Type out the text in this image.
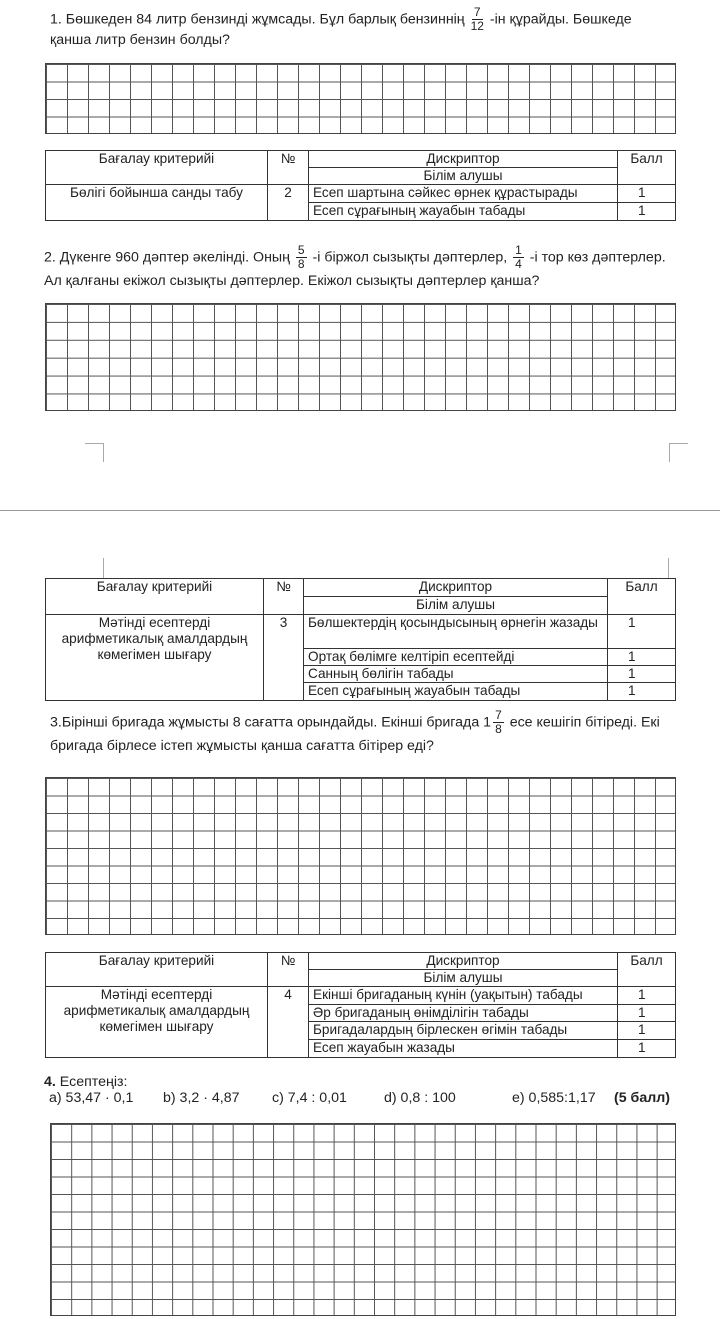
1. Бөшкеден 84 литр бензинді жұмсады. Бұл барлық бензиннің $\frac{7}{12} -ін$ құрайды. Бөшкеде
қанша литр бензин болды?
Бағалау критерийі	№	Дискриптор	Балл
		Білім алушы	
Бөлігі бойынша санды табу	2	Есеп шартына сәйкес өрнек құрастырады	1
		Есеп сұрағының жауабын табады	1
2. Дүкенге 960 дәптер әкелінді. Оның $\frac{5}{8} -і$ біржол сызықты дәптерлер, $\frac{1}{4} -і$ тор көз дәптерлер.
Ал қалғаны екіжол сызықты дәптерлер. Екіжол сызықты дәптерлер қанша?
Бағалау критерийі	№	Дискриптор	Балл
		Білім алушы	
Мәтінді есептерді арифметикалық амалдардың көмегімен шығару	3	Бөлшектердің қосындысының өрнегін жазады	1
		Ортақ бөлімге келтіріп есептейді	1
		Санның бөлігін табады	1
		Есеп сұрағының жауабын табады	1
3.Бірінші бригада жұмысты 8 сағатта орындайды. Екінші бригада $1 \frac{7}{8}$ есе кешігіп бітіреді. Екі
бригада бірлесе істеп жұмысты қанша сағатта бітірер еді?
Бағалау критерийі	№	Дискриптор	Балл
		Білім алушы	
Мәтінді есептерді арифметикалық амалдардың көмегімен шығару	4	Екінші бригаданың күнін (уақытын) табады	1
		Әр бригаданың өнімділігін табады	1
		Бригадалардың бірлескен өгімін табады	1
		Есеп жауабын жазады	1
4. Есептеңіз:
a) 53,47 · 0,1 b) 3,2 · 4,87 c) 7,4 : 0,01	d) 0,8 : 100	e) 0,585:1,17 (5 балл)
